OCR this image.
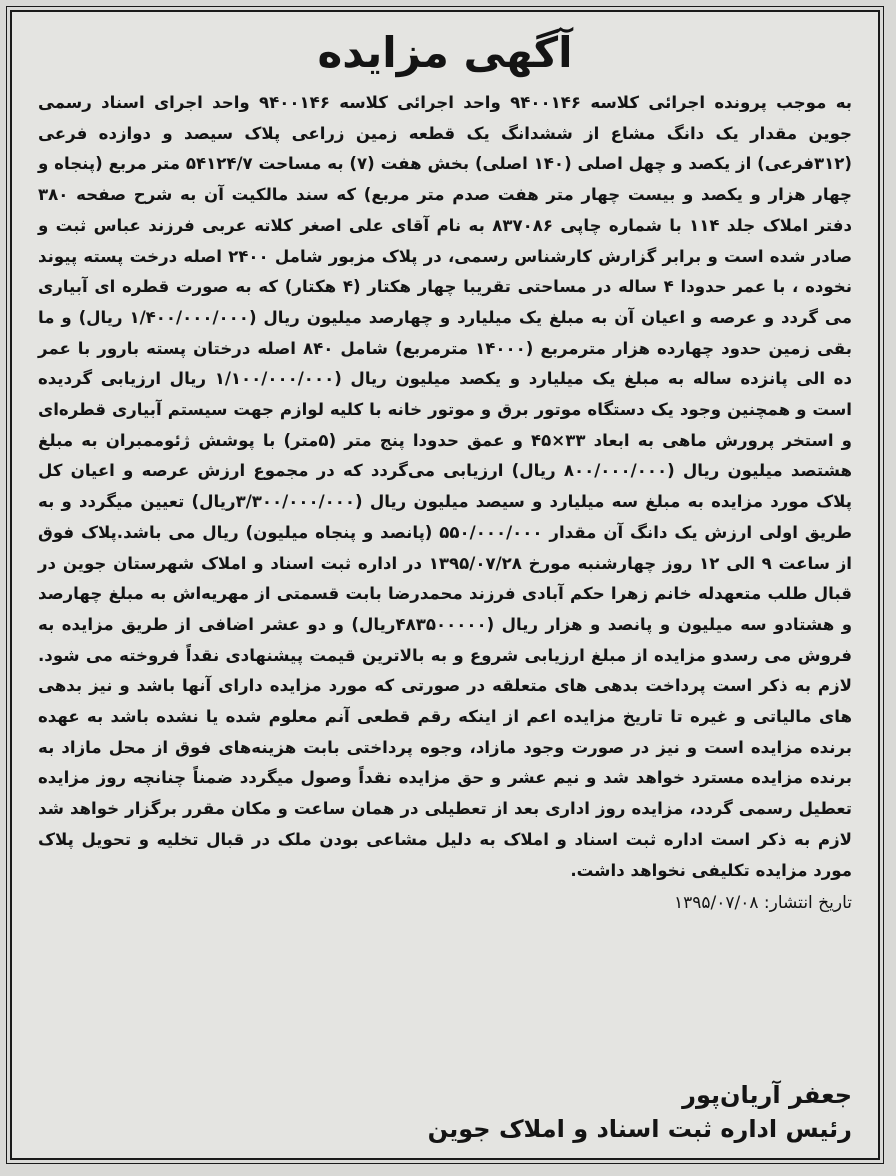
آگهی مزایده

به موجب پرونده اجرائی کلاسه ۹۴۰۰۱۴۶ واحد اجرائی کلاسه ۹۴۰۰۱۴۶ واحد اجرای اسناد رسمی جوین مقدار یک دانگ مشاع از ششدانگ یک قطعه زمین زراعی پلاک سیصد و دوازده فرعی (۳۱۲فرعی) از یکصد و چهل اصلی (۱۴۰ اصلی) بخش هفت (۷) به مساحت ۵۴۱۲۴/۷ متر مربع (پنجاه و چهار هزار و یکصد و بیست چهار متر هفت صدم متر مربع) که سند مالکیت آن به شرح صفحه ۳۸۰ دفتر املاک جلد ۱۱۴ با شماره چاپی ۸۳۷۰۸۶ به نام آقای علی اصغر کلاته عربی فرزند عباس ثبت و صادر شده است و برابر گزارش کارشناس رسمی، در پلاک مزبور شامل ۲۴۰۰ اصله درخت پسته پیوند نخوده ، با عمر حدودا ۴ ساله در مساحتی تقریبا چهار هکتار (۴ هکتار) که به صورت قطره ای آبیاری می گردد و عرصه و اعیان آن به مبلغ یک میلیارد و چهارصد میلیون ریال (۱/۴۰۰/۰۰۰/۰۰۰ ریال) و ما بقی زمین حدود چهارده هزار مترمربع (۱۴۰۰۰ مترمربع) شامل ۸۴۰ اصله درختان پسته بارور با عمر ده الی پانزده ساله به مبلغ یک میلیارد و یکصد میلیون ریال (۱/۱۰۰/۰۰۰/۰۰۰ ریال ارزیابی گردیده است و همچنین وجود یک دستگاه موتور برق و موتور خانه با کلیه لوازم جهت سیستم آبیاری قطره‌ای و استخر پرورش ماهی به ابعاد ۳۳×۴۵ و عمق حدودا پنج متر (۵متر) با پوشش ژئوممبران به مبلغ هشتصد میلیون ریال (۸۰۰/۰۰۰/۰۰۰ ریال) ارزیابی می‌گردد که در مجموع ارزش عرصه و اعیان کل پلاک مورد مزایده به مبلغ سه میلیارد و سیصد میلیون ریال (۳/۳۰۰/۰۰۰/۰۰۰ریال) تعیین میگردد و به طریق اولی ارزش یک دانگ آن مقدار ۵۵۰/۰۰۰/۰۰۰ (پانصد و پنجاه میلیون) ریال می باشد.پلاک فوق از ساعت ۹ الی ۱۲ روز چهارشنبه مورخ ۱۳۹۵/۰۷/۲۸ در اداره ثبت اسناد و املاک شهرستان جوین در قبال طلب متعهدله خانم زهرا حکم آبادی فرزند محمدرضا بابت قسمتی از مهریه‌اش به مبلغ چهارصد و هشتادو سه میلیون و پانصد و هزار ریال (۴۸۳۵۰۰۰۰۰ریال) و دو عشر اضافی از طریق مزایده به فروش می رسدو مزایده از مبلغ ارزیابی شروع و به بالاترین قیمت پیشنهادی نقداً فروخته می شود. لازم به ذکر است پرداخت بدهی های متعلقه در صورتی که مورد مزایده دارای آنها باشد و نیز بدهی های مالیاتی و غیره تا تاریخ مزایده اعم از اینکه رقم قطعی آنم معلوم شده یا نشده باشد به عهده برنده مزایده است و نیز در صورت وجود مازاد، وجوه پرداختی بابت هزینه‌های فوق از محل مازاد به برنده مزایده مسترد خواهد شد و نیم عشر و حق مزایده نقداً وصول میگردد ضمناً چنانچه روز مزایده تعطیل رسمی گردد، مزایده روز اداری بعد از تعطیلی در همان ساعت و مکان مقرر برگزار خواهد شد لازم به ذکر است اداره ثبت اسناد و املاک به دلیل مشاعی بودن ملک در قبال تخلیه و تحویل پلاک مورد مزایده تکلیفی نخواهد داشت.

تاریخ انتشار: ۱۳۹۵/۰۷/۰۸
جعفر آریان‌پور
رئیس اداره ثبت اسناد و املاک جوین
